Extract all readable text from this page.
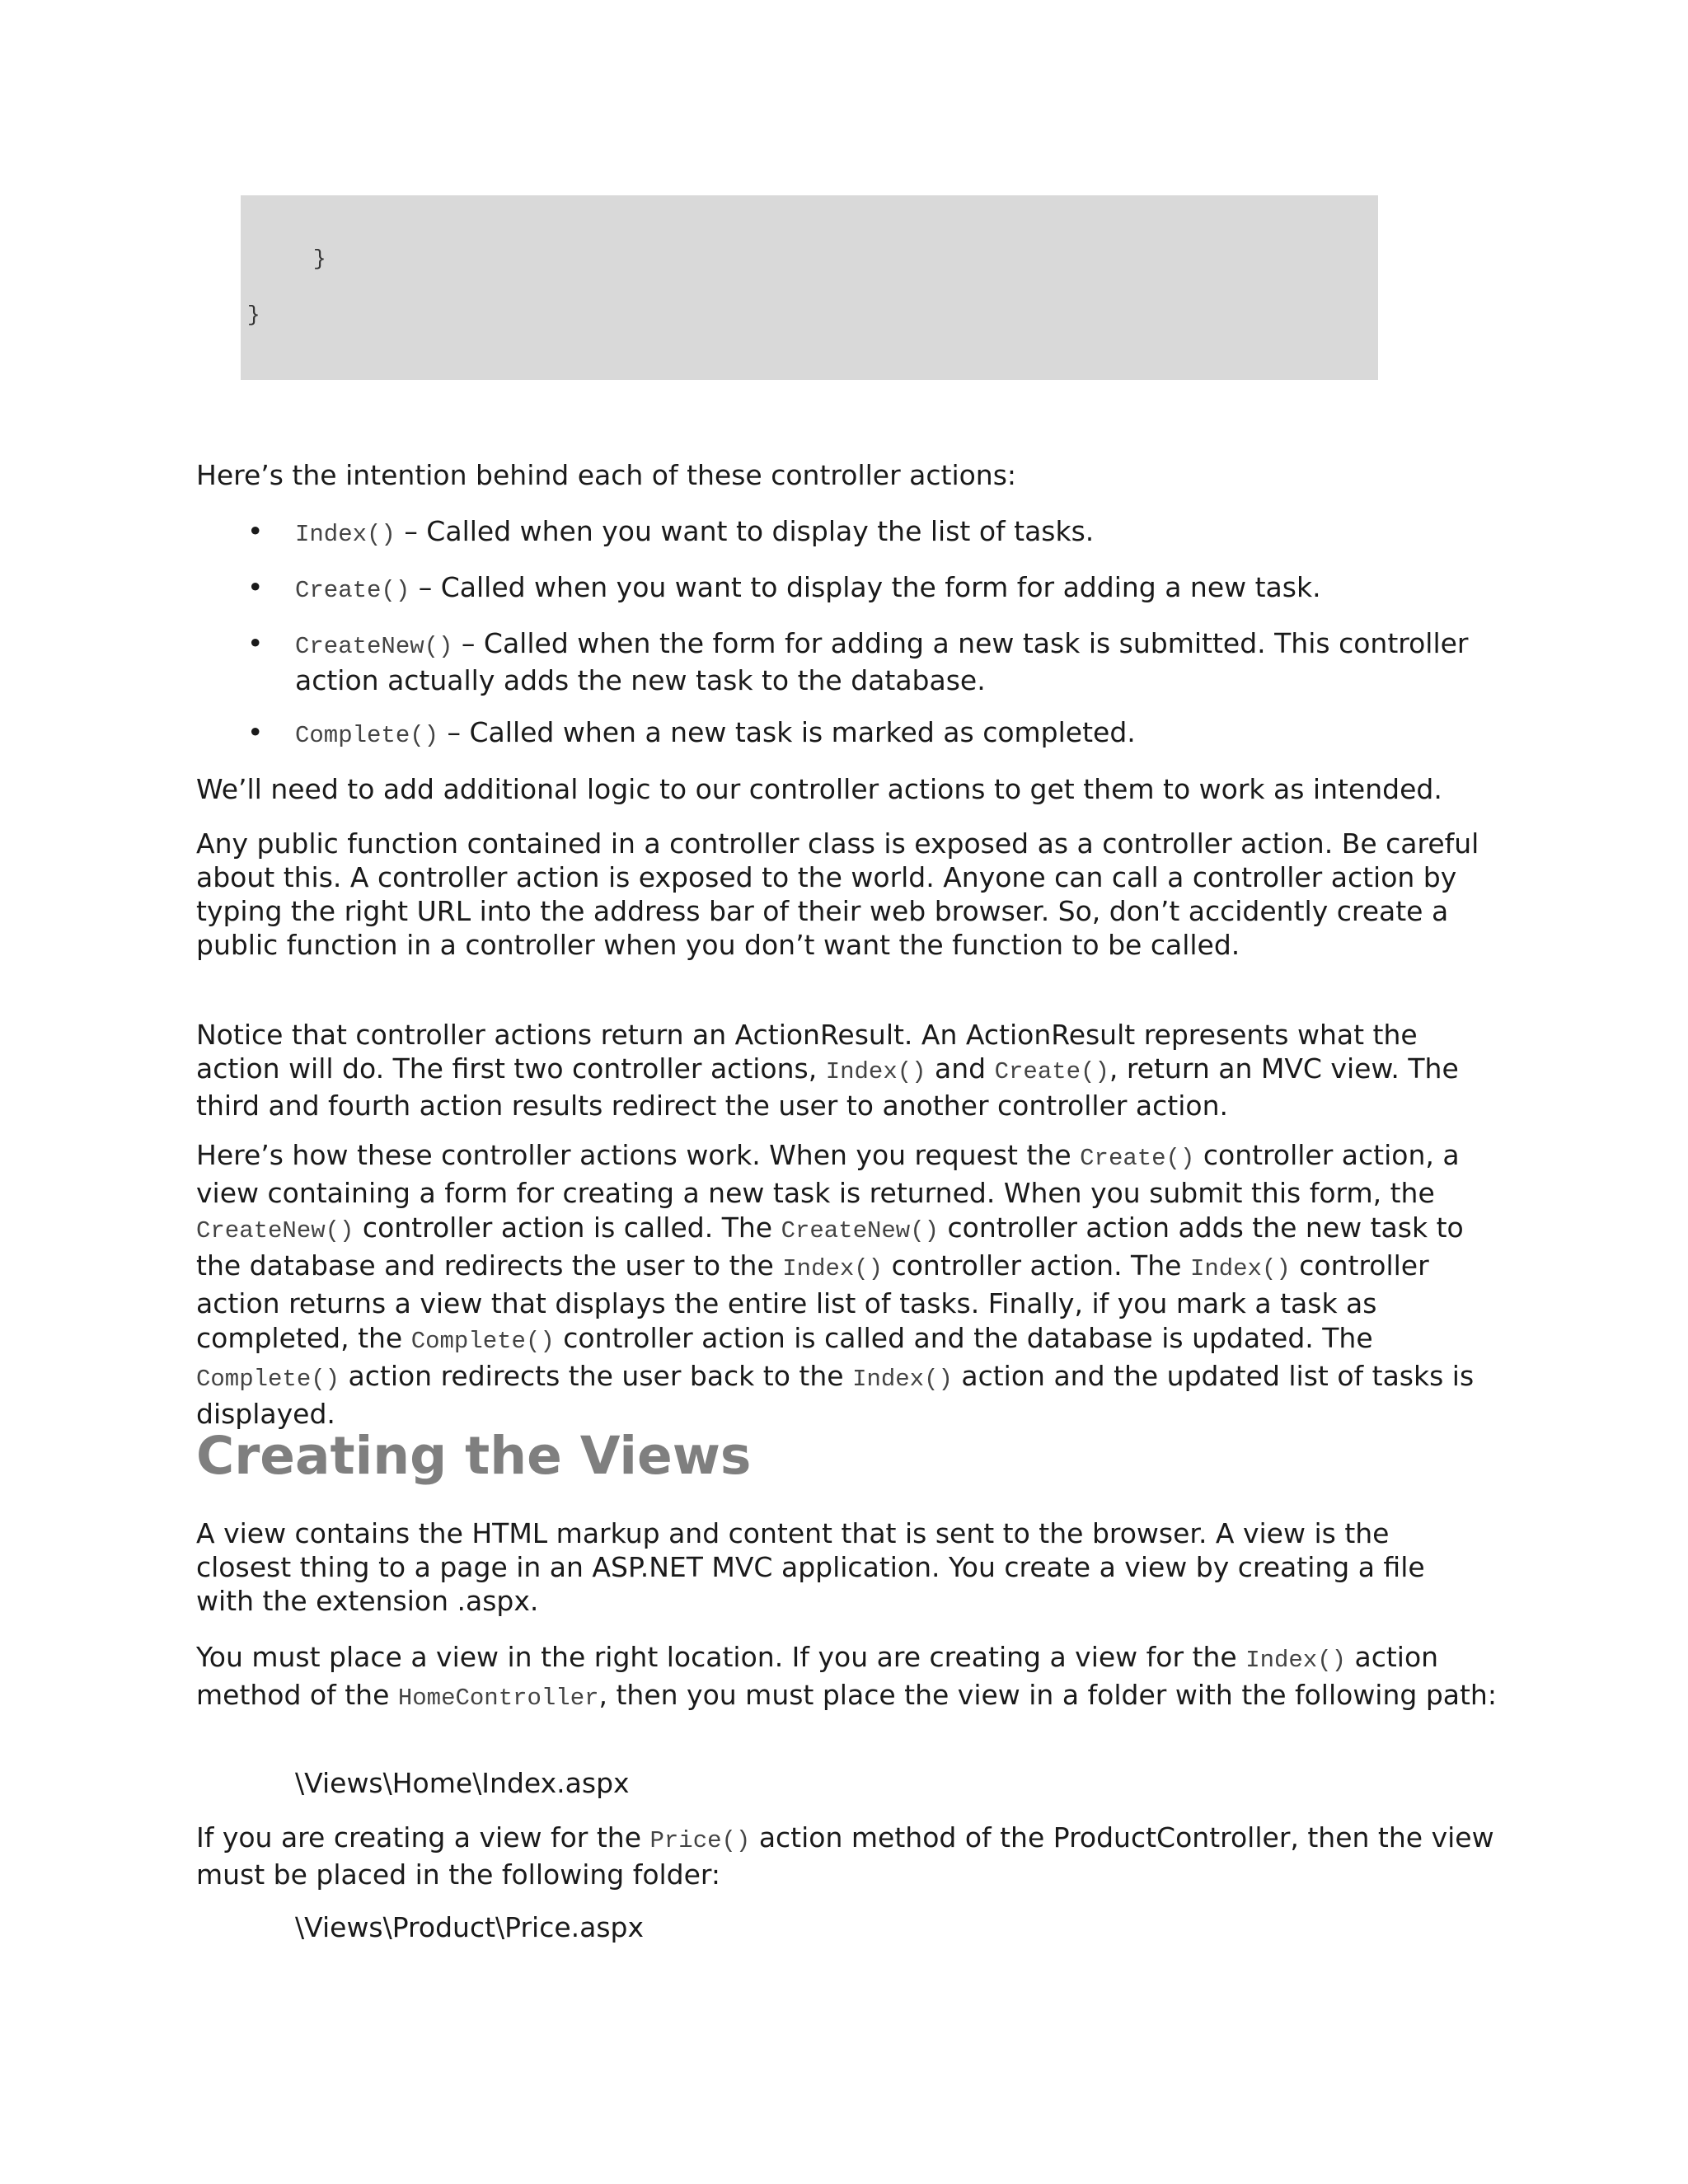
}
}

Here’s the intention behind each of these controller actions:

• Index() – Called when you want to display the list of tasks.
• Create() – Called when you want to display the form for adding a new task.
• CreateNew() – Called when the form for adding a new task is submitted. This controller action actually adds the new task to the database.
• Complete() – Called when a new task is marked as completed.

We’ll need to add additional logic to our controller actions to get them to work as intended.

Any public function contained in a controller class is exposed as a controller action. Be careful about this. A controller action is exposed to the world. Anyone can call a controller action by typing the right URL into the address bar of their web browser. So, don’t accidently create a public function in a controller when you don’t want the function to be called.

Notice that controller actions return an ActionResult. An ActionResult represents what the action will do. The first two controller actions, Index() and Create(), return an MVC view. The third and fourth action results redirect the user to another controller action.

Here’s how these controller actions work. When you request the Create() controller action, a view containing a form for creating a new task is returned. When you submit this form, the CreateNew() controller action is called. The CreateNew() controller action adds the new task to the database and redirects the user to the Index() controller action. The Index() controller action returns a view that displays the entire list of tasks. Finally, if you mark a task as completed, the Complete() controller action is called and the database is updated. The Complete() action redirects the user back to the Index() action and the updated list of tasks is displayed.

Creating the Views

A view contains the HTML markup and content that is sent to the browser. A view is the closest thing to a page in an ASP.NET MVC application. You create a view by creating a file with the extension .aspx.

You must place a view in the right location. If you are creating a view for the Index() action method of the HomeController, then you must place the view in a folder with the following path:

\Views\Home\Index.aspx

If you are creating a view for the Price() action method of the ProductController, then the view must be placed in the following folder:

\Views\Product\Price.aspx
